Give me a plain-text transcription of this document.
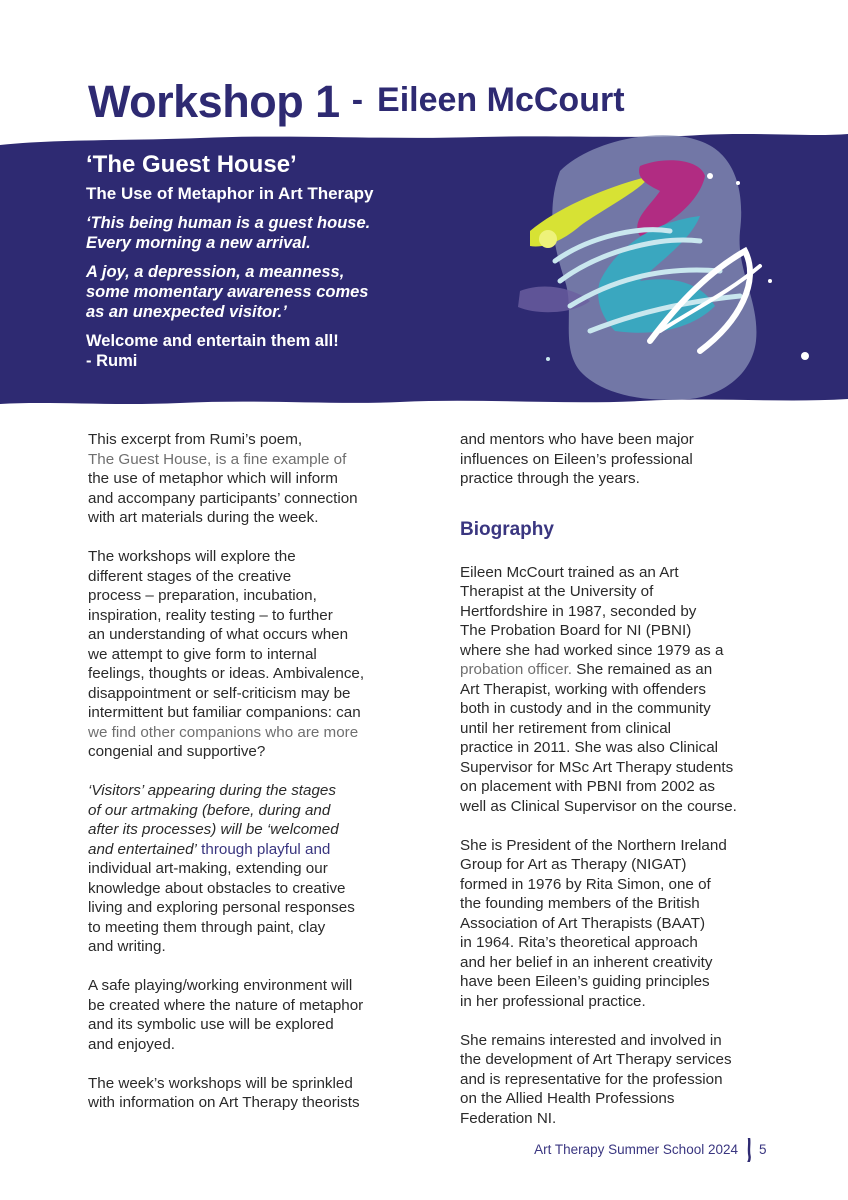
Workshop 1 - Eileen McCourt

‘The Guest House’

The Use of Metaphor in Art Therapy

‘This being human is a guest house.
Every morning a new arrival.

A joy, a depression, a meanness,
some momentary awareness comes
as an unexpected visitor.’

Welcome and entertain them all!
- Rumi

This excerpt from Rumi’s poem,
The Guest House, is a fine example of
the use of metaphor which will inform
and accompany participants’ connection
with art materials during the week.

The workshops will explore the
different stages of the creative
process – preparation, incubation,
inspiration, reality testing – to further
an understanding of what occurs when
we attempt to give form to internal
feelings, thoughts or ideas. Ambivalence,
disappointment or self-criticism may be
intermittent but familiar companions: can
we find other companions who are more
congenial and supportive?

‘Visitors’ appearing during the stages
of our artmaking (before, during and
after its processes) will be ‘welcomed
and entertained’ through playful and
individual art-making, extending our
knowledge about obstacles to creative
living and exploring personal responses
to meeting them through paint, clay
and writing.

A safe playing/working environment will
be created where the nature of metaphor
and its symbolic use will be explored
and enjoyed.

The week’s workshops will be sprinkled
with information on Art Therapy theorists

and mentors who have been major
influences on Eileen’s professional
practice through the years.

Biography

Eileen McCourt trained as an Art
Therapist at the University of
Hertfordshire in 1987, seconded by
The Probation Board for NI (PBNI)
where she had worked since 1979 as a
probation officer. She remained as an
Art Therapist, working with offenders
both in custody and in the community
until her retirement from clinical
practice in 2011. She was also Clinical
Supervisor for MSc Art Therapy students
on placement with PBNI from 2002 as
well as Clinical Supervisor on the course.

She is President of the Northern Ireland
Group for Art as Therapy (NIGAT)
formed in 1976 by Rita Simon, one of
the founding members of the British
Association of Art Therapists (BAAT)
in 1964. Rita’s theoretical approach
and her belief in an inherent creativity
have been Eileen’s guiding principles
in her professional practice.

She remains interested and involved in
the development of Art Therapy services
and is representative for the profession
on the Allied Health Professions
Federation NI.

Art Therapy Summer School 2024 5
